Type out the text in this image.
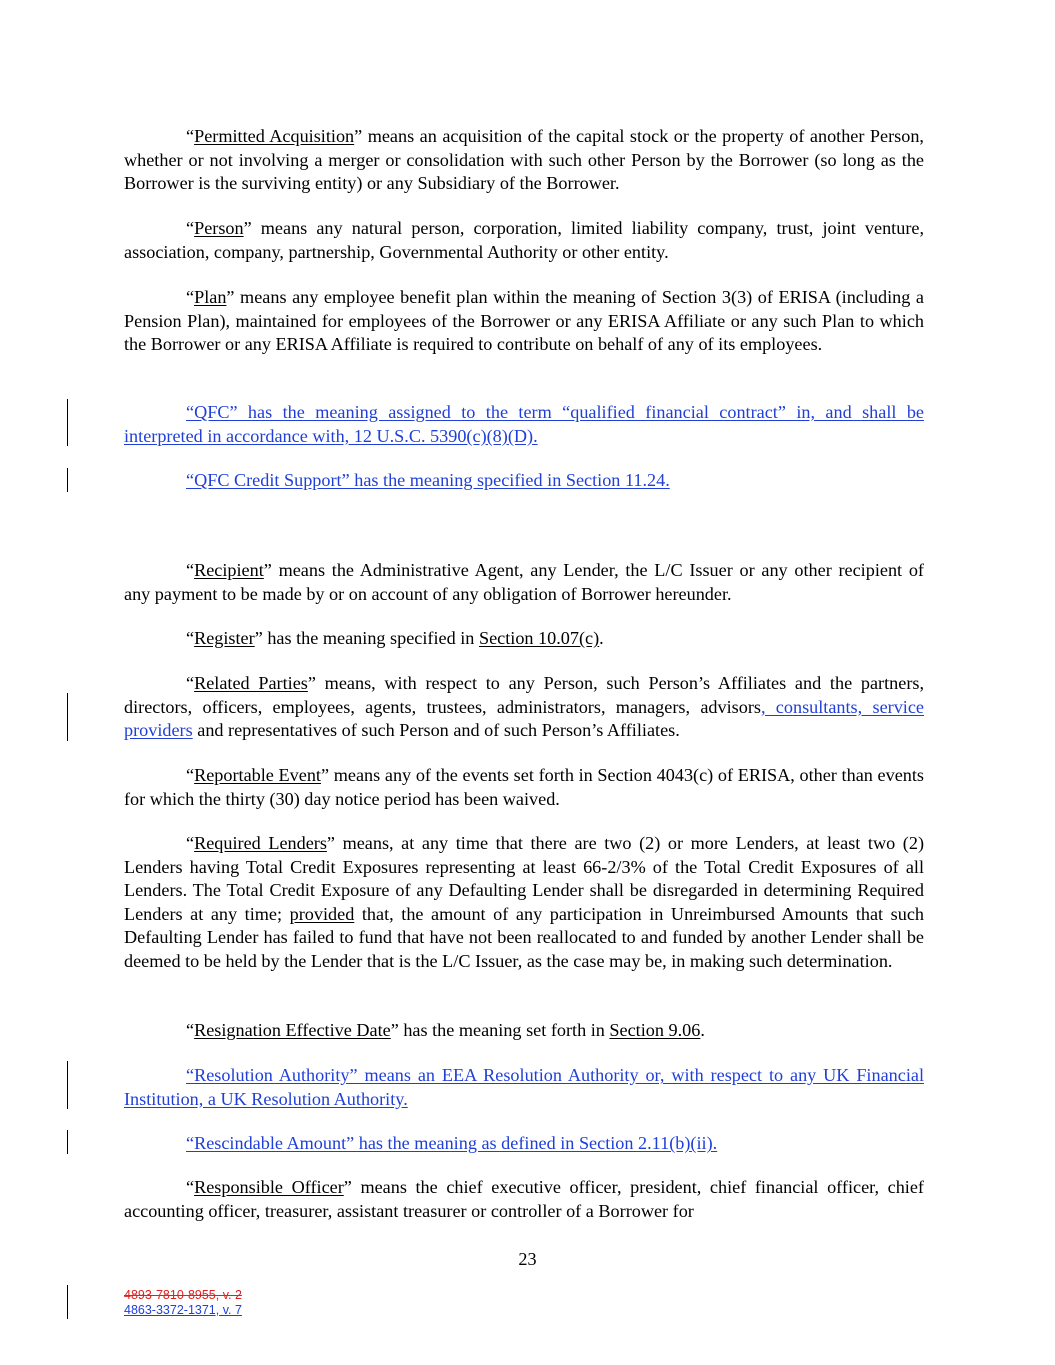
“Permitted Acquisition” means an acquisition of the capital stock or the property of another Person, whether or not involving a merger or consolidation with such other Person by the Borrower (so long as the Borrower is the surviving entity) or any Subsidiary of the Borrower.

“Person” means any natural person, corporation, limited liability company, trust, joint venture, association, company, partnership, Governmental Authority or other entity.

“Plan” means any employee benefit plan within the meaning of Section 3(3) of ERISA (including a Pension Plan), maintained for employees of the Borrower or any ERISA Affiliate or any such Plan to which the Borrower or any ERISA Affiliate is required to contribute on behalf of any of its employees.

“QFC” has the meaning assigned to the term “qualified financial contract” in, and shall be interpreted in accordance with, 12 U.S.C. 5390(c)(8)(D).

“QFC Credit Support” has the meaning specified in Section 11.24.

“Recipient” means the Administrative Agent, any Lender, the L/C Issuer or any other recipient of any payment to be made by or on account of any obligation of Borrower hereunder.

“Register” has the meaning specified in Section 10.07(c).

“Related Parties” means, with respect to any Person, such Person’s Affiliates and the partners, directors, officers, employees, agents, trustees, administrators, managers, advisors, consultants, service providers and representatives of such Person and of such Person’s Affiliates.

“Reportable Event” means any of the events set forth in Section 4043(c) of ERISA, other than events for which the thirty (30) day notice period has been waived.

“Required Lenders” means, at any time that there are two (2) or more Lenders, at least two (2) Lenders having Total Credit Exposures representing at least 66-2/3% of the Total Credit Exposures of all Lenders. The Total Credit Exposure of any Defaulting Lender shall be disregarded in determining Required Lenders at any time; provided that, the amount of any participation in Unreimbursed Amounts that such Defaulting Lender has failed to fund that have not been reallocated to and funded by another Lender shall be deemed to be held by the Lender that is the L/C Issuer, as the case may be, in making such determination.

“Resignation Effective Date” has the meaning set forth in Section 9.06.

“Resolution Authority” means an EEA Resolution Authority or, with respect to any UK Financial Institution, a UK Resolution Authority.

“Rescindable Amount” has the meaning as defined in Section 2.11(b)(ii).

“Responsible Officer” means the chief executive officer, president, chief financial officer, chief accounting officer, treasurer, assistant treasurer or controller of a Borrower for

23
4893-7810-8955, v. 2
4863-3372-1371, v. 7
